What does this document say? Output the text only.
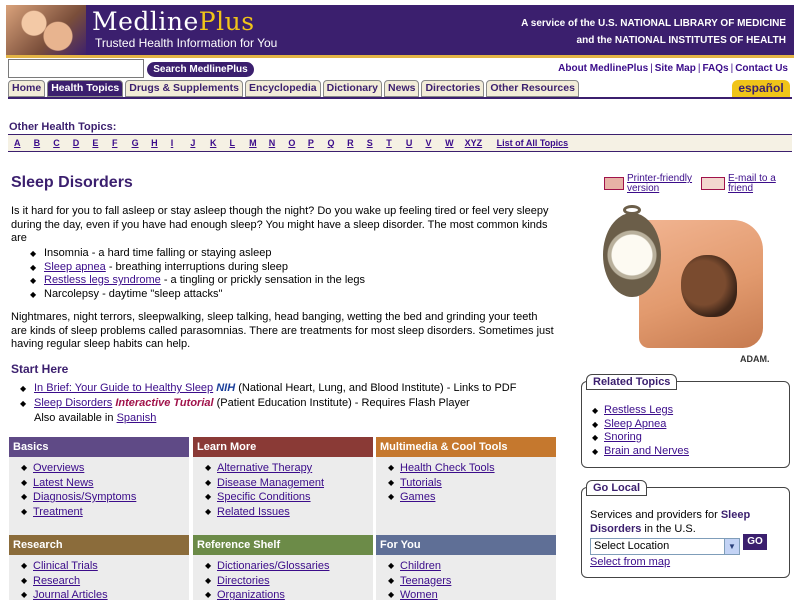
MedlinePlus
Trusted Health Information for You
A service of the U.S. NATIONAL LIBRARY OF MEDICINE
and the NATIONAL INSTITUTES OF HEALTH
Search MedlinePlus	About MedlinePlus | Site Map | FAQs | Contact Us
Home Health Topics Drugs & Supplements Encyclopedia Dictionary News Directories Other Resources	español
Other Health Topics:
A	B	C	D	E	F	G	H	I	J	K	L	M	N	O	P	Q	R	S	T	U	V	W	XYZ	List of All Topics
Sleep Disorders
Is it hard for you to fall asleep or stay asleep though the night? Do you wake up feeling tired or feel very sleepy during the day, even if you have had enough sleep? You might have a sleep disorder. The most common kinds are
◆ Insomnia - a hard time falling or staying asleep
◆ Sleep apnea - breathing interruptions during sleep
◆ Restless legs syndrome - a tingling or prickly sensation in the legs
◆ Narcolepsy - daytime "sleep attacks"
Nightmares, night terrors, sleepwalking, sleep talking, head banging, wetting the bed and grinding your teeth are kinds of sleep problems called parasomnias. There are treatments for most sleep disorders. Sometimes just having regular sleep habits can help.
Start Here
◆ In Brief: Your Guide to Healthy Sleep NIH (National Heart, Lung, and Blood Institute) - Links to PDF
◆ Sleep Disorders Interactive Tutorial (Patient Education Institute) - Requires Flash Player
Also available in Spanish
Basics
◆ Overviews
◆ Latest News
◆ Diagnosis/Symptoms
◆ Treatment
Learn More
◆ Alternative Therapy
◆ Disease Management
◆ Specific Conditions
◆ Related Issues
Multimedia & Cool Tools
◆ Health Check Tools
◆ Tutorials
◆ Games
Research
◆ Clinical Trials
◆ Research
◆ Journal Articles
Reference Shelf
◆ Dictionaries/Glossaries
◆ Directories
◆ Organizations
For You
◆ Children
◆ Teenagers
◆ Women
Printer-friendly version
E-mail to a friend
ADAM.
Related Topics
◆ Restless Legs
◆ Sleep Apnea
◆ Snoring
◆ Brain and Nerves
Go Local
Services and providers for Sleep Disorders in the U.S.
Select Location	▼	GO
Select from map
